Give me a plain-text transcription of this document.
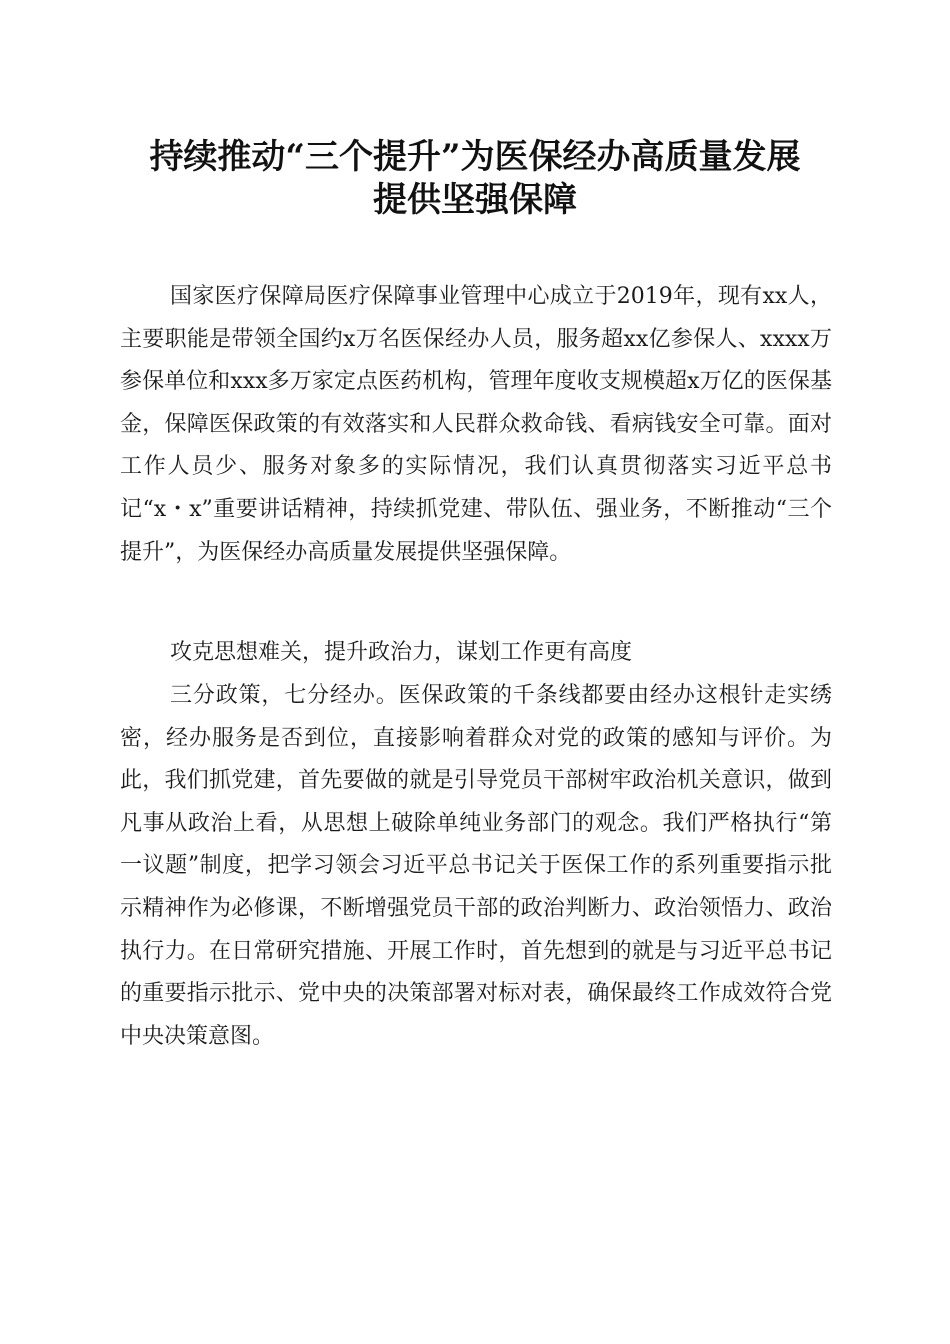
持续推动“三个提升”为医保经办高质量发展
提供坚强保障

国家医疗保障局医疗保障事业管理中心成立于2019年，现有xx人，主要职能是带领全国约x万名医保经办人员，服务超xx亿参保人、xxxx万参保单位和xxx多万家定点医药机构，管理年度收支规模超x万亿的医保基金，保障医保政策的有效落实和人民群众救命钱、看病钱安全可靠。面对工作人员少、服务对象多的实际情况，我们认真贯彻落实习近平总书记“x・x”重要讲话精神，持续抓党建、带队伍、强业务，不断推动“三个提升”，为医保经办高质量发展提供坚强保障。

攻克思想难关，提升政治力，谋划工作更有高度

三分政策，七分经办。医保政策的千条线都要由经办这根针走实绣密，经办服务是否到位，直接影响着群众对党的政策的感知与评价。为此，我们抓党建，首先要做的就是引导党员干部树牢政治机关意识，做到凡事从政治上看，从思想上破除单纯业务部门的观念。我们严格执行“第一议题”制度，把学习领会习近平总书记关于医保工作的系列重要指示批示精神作为必修课，不断增强党员干部的政治判断力、政治领悟力、政治执行力。在日常研究措施、开展工作时，首先想到的就是与习近平总书记的重要指示批示、党中央的决策部署对标对表，确保最终工作成效符合党中央决策意图。
